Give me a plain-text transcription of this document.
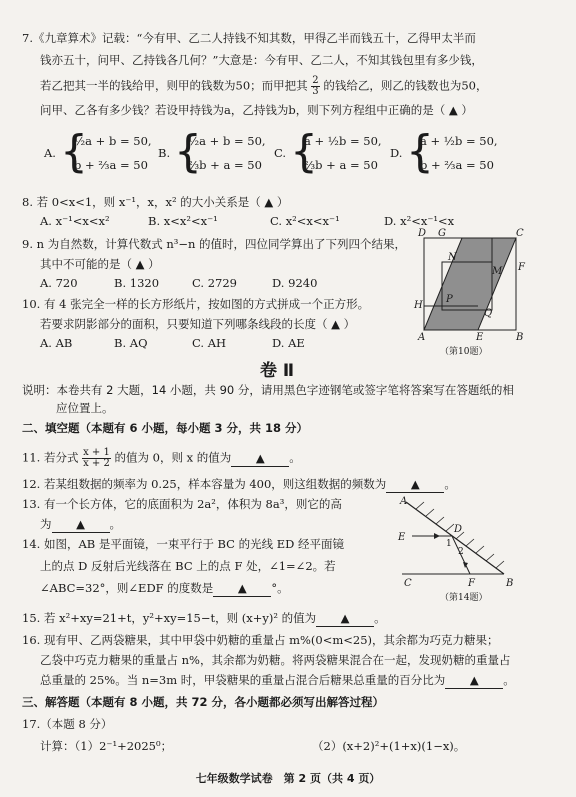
7.《九章算术》记载：“今有甲、乙二人持钱不知其数，甲得乙半而钱五十，乙得甲太半而
钱亦五十，问甲、乙持钱各几何？”大意是：今有甲、乙二人，不知其钱包里有多少钱，
若乙把其一半的钱给甲，则甲的钱数为50；而甲把其 $\frac{2}{3}$ 的钱给乙，则乙的钱数也为50，
问甲、乙各有多少钱？若设甲持钱为a，乙持钱为b，则下列方程组中正确的是（ ▲ ）
A. {
½a + b = 50,
b + ⅔a = 50
B. {
½a + b = 50,
⅔b + a = 50
C. {
a + ½b = 50,
⅔b + a = 50
D. {
a + ½b = 50,
b + ⅔a = 50
8. 若 0<x<1，则 x⁻¹，x，x² 的大小关系是（ ▲ ）
A. x⁻¹<x<x²	B. x<x²<x⁻¹	C. x²<x<x⁻¹	D. x²<x⁻¹<x
9. n 为自然数，计算代数式 n³−n 的值时，四位同学算出了下列四个结果，
其中不可能的是（ ▲ ）
A. 720	B. 1320	C. 2729	D. 9240
10. 有 4 张完全一样的长方形纸片，按如图的方式拼成一个正方形。
若要求阴影部分的面积，只要知道下列哪条线段的长度（ ▲ ）
A. AB	B. AQ	C. AH	D. AE
D G	C
N
M F
P
H
Q
A	E	B
（第10题）
卷 Ⅱ
说明：本卷共有 2 大题，14 小题，共 90 分，请用黑色字迹钢笔或签字笔将答案写在答题纸的相
应位置上。
二、填空题（本题有 6 小题，每小题 3 分，共 18 分）
11. 若分式 $\frac{x + 1}{x + 2}$ 的值为 0，则 x 的值为 ▲ 。
12. 若某组数据的频率为 0.25，样本容量为 400，则这组数据的频数为 ▲ 。
13. 有一个长方体，它的底面积为 2a²，体积为 8a³，则它的高
为 ▲ 。
14. 如图，AB 是平面镜，一束平行于 BC 的光线 ED 经平面镜
上的点 D 反射后光线落在 BC 上的点 F 处，∠1=∠2。若
∠ABC=32°，则∠EDF 的度数是 ▲ °。
A
E
D
1
2
C	F	B
（第14题）
15. 若 x²+xy=21+t，y²+xy=15−t，则 (x+y)² 的值为 ▲ 。
16. 现有甲、乙两袋糖果，其中甲袋中奶糖的重量占 m%(0<m<25)，其余都为巧克力糖果；
乙袋中巧克力糖果的重量占 n%，其余都为奶糖。将两袋糖果混合在一起，发现奶糖的重量占
总重量的 25%。当 n=3m 时，甲袋糖果的重量占混合后糖果总重量的百分比为 ▲ 。
三、解答题（本题有 8 小题，共 72 分，各小题都必须写出解答过程）
17.（本题 8 分）
计算：（1）2⁻¹+2025⁰；	（2）(x+2)²+(1+x)(1−x)。
七年级数学试卷　第 2 页（共 4 页）
